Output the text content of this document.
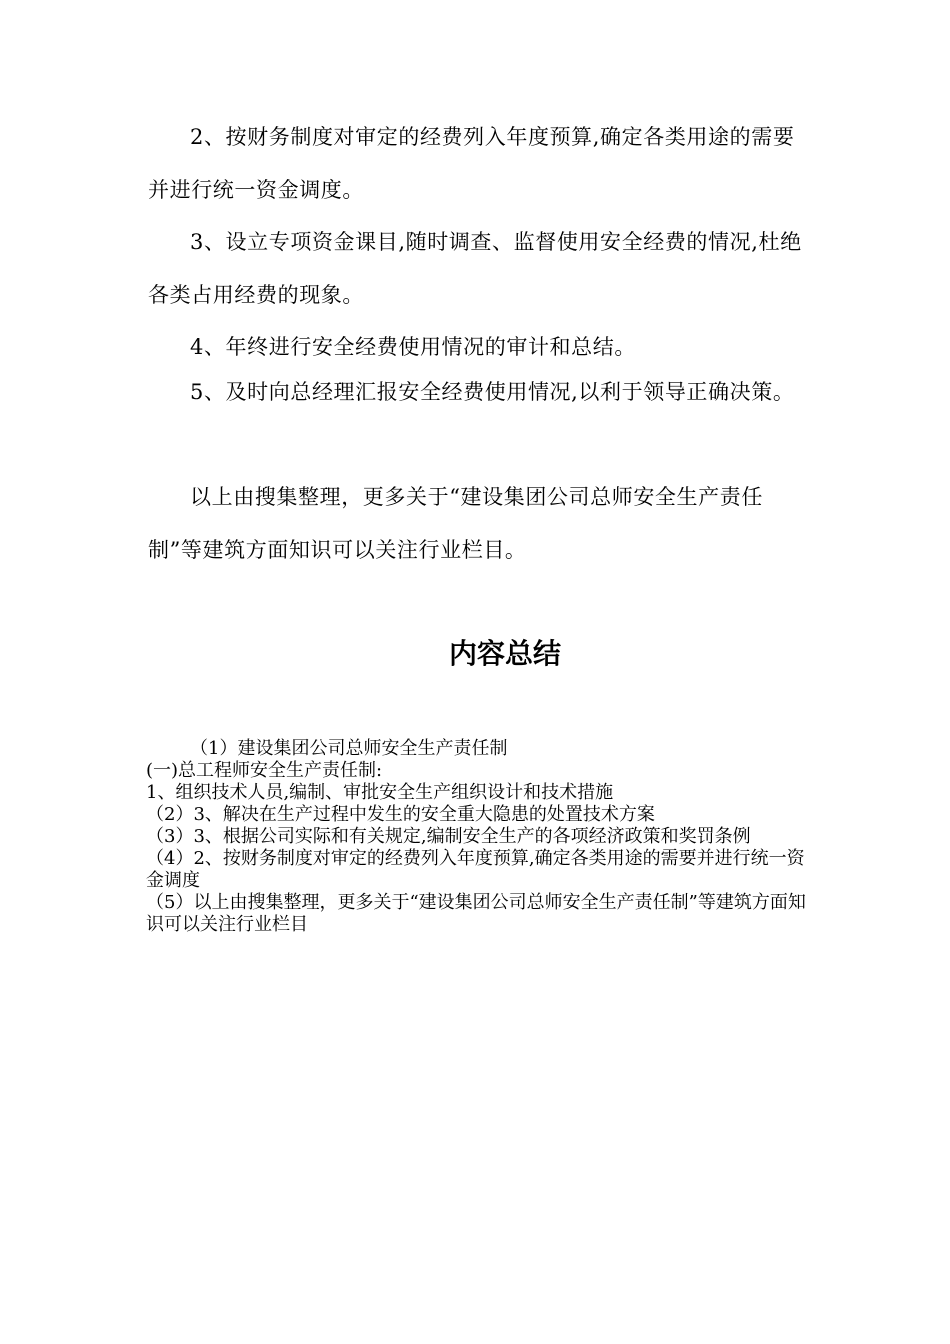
2、按财务制度对审定的经费列入年度预算,确定各类用途的需要并进行统一资金调度。

3、设立专项资金课目,随时调查、监督使用安全经费的情况,杜绝各类占用经费的现象。

4、年终进行安全经费使用情况的审计和总结。

5、及时向总经理汇报安全经费使用情况,以利于领导正确决策。

以上由搜集整理，更多关于“建设集团公司总师安全生产责任制”等建筑方面知识可以关注行业栏目。

内容总结
（1）建设集团公司总师安全生产责任制
(一)总工程师安全生产责任制:
1、组织技术人员,编制、审批安全生产组织设计和技术措施
（2）3、解决在生产过程中发生的安全重大隐患的处置技术方案
（3）3、根据公司实际和有关规定,编制安全生产的各项经济政策和奖罚条例
（4）2、按财务制度对审定的经费列入年度预算,确定各类用途的需要并进行统一资金调度
（5）以上由搜集整理，更多关于“建设集团公司总师安全生产责任制”等建筑方面知识可以关注行业栏目
